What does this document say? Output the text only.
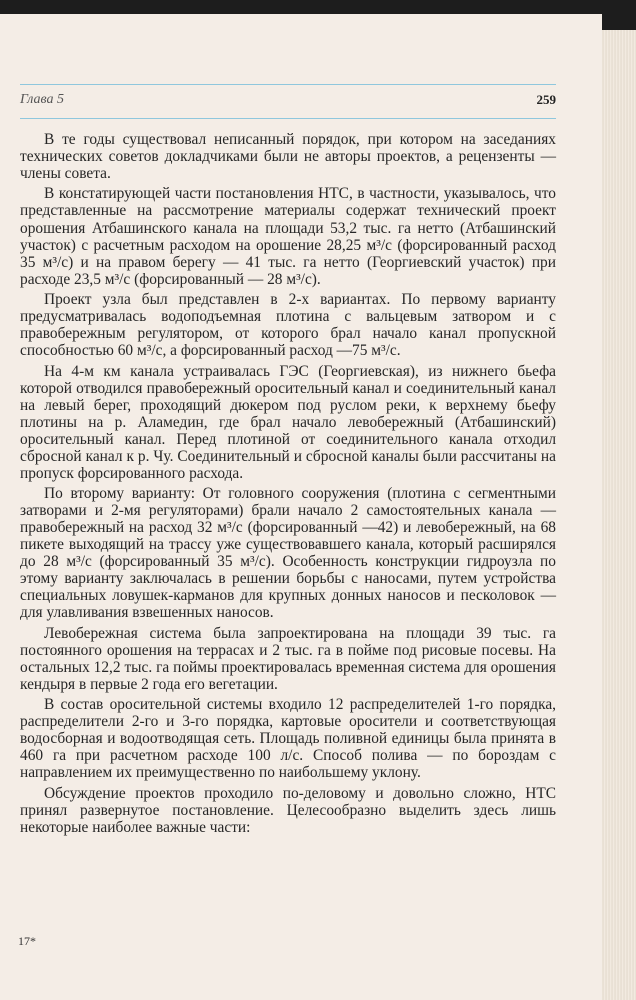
Глава 5	259

В те годы существовал неписанный порядок, при котором на заседаниях технических советов докладчиками были не авторы проектов, а рецензенты — члены совета.

В констатирующей части постановления НТС, в частности, указывалось, что представленные на рассмотрение материалы содержат технический проект орошения Атбашинского канала на площади 53,2 тыс. га нетто (Атбашинский участок) с расчетным расходом на орошение 28,25 м³/с (форсированный расход 35 м³/с) и на правом берегу — 41 тыс. га нетто (Георгиевский участок) при расходе 23,5 м³/с (форсированный — 28 м³/с).

Проект узла был представлен в 2-х вариантах. По первому варианту предусматривалась водоподъемная плотина с вальцевым затвором и с правобережным регулятором, от которого брал начало канал пропускной способностью 60 м³/с, а форсированный расход —75 м³/с.

На 4-м км канала устраивалась ГЭС (Георгиевская), из нижнего бьефа которой отводился правобережный оросительный канал и соединительный канал на левый берег, проходящий дюкером под руслом реки, к верхнему бьефу плотины на р. Аламедин, где брал начало левобережный (Атбашинский) оросительный канал. Перед плотиной от соединительного канала отходил сбросной канал к р. Чу. Соединительный и сбросной каналы были рассчитаны на пропуск форсированного расхода.

По второму варианту: От головного сооружения (плотина с сегментными затворами и 2-мя регуляторами) брали начало 2 самостоятельных канала — правобережный на расход 32 м³/с (форсированный —42) и левобережный, на 68 пикете выходящий на трассу уже существовавшего канала, который расширялся до 28 м³/с (форсированный 35 м³/с). Особенность конструкции гидроузла по этому варианту заключалась в решении борьбы с наносами, путем устройства специальных ловушек-карманов для крупных донных наносов и песколовок — для улавливания взвешенных наносов.

Левобережная система была запроектирована на площади 39 тыс. га постоянного орошения на террасах и 2 тыс. га в пойме под рисовые посевы. На остальных 12,2 тыс. га поймы проектировалась временная система для орошения кендыря в первые 2 года его вегетации.

В состав оросительной системы входило 12 распределителей 1-го порядка, распределители 2-го и 3-го порядка, картовые оросители и соответствующая водосборная и водоотводящая сеть. Площадь поливной единицы была принята в 460 га при расчетном расходе 100 л/с. Способ полива — по бороздам с направлением их преимущественно по наибольшему уклону.

Обсуждение проектов проходило по-деловому и довольно сложно, НТС принял развернутое постановление. Целесообразно выделить здесь лишь некоторые наиболее важные части:

17*
